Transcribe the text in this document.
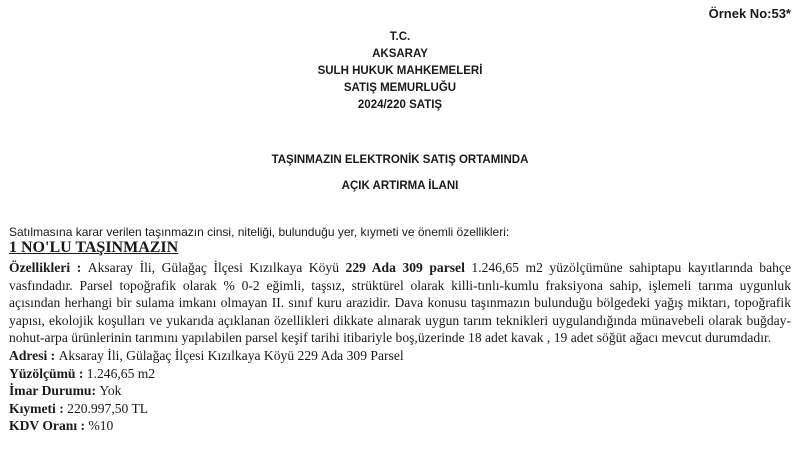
Örnek No:53*
T.C.
AKSARAY
SULH HUKUK MAHKEMELERİ
SATIŞ MEMURLUĞU
2024/220 SATIŞ
TAŞINMAZIN ELEKTRONİK SATIŞ ORTAMINDA
AÇIK ARTIRMA İLANI
Satılmasına karar verilen taşınmazın cinsi, niteliği, bulunduğu yer, kıymeti ve önemli özellikleri:
1 NO'LU TAŞINMAZIN

Özellikleri : Aksaray İli, Gülağaç İlçesi Kızılkaya Köyü 229 Ada 309 parsel 1.246,65 m2 yüzölçümüne sahiptapu kayıtlarında bahçe vasfındadır. Parsel topoğrafik olarak % 0-2 eğimli, taşsız, strüktürel olarak killi-tınlı-kumlu fraksiyona sahip, işlemeli tarıma uygunluk açısından herhangi bir sulama imkanı olmayan II. sınıf kuru arazidir. Dava konusu taşınmazın bulunduğu bölgedeki yağış miktarı, topoğrafik yapısı, ekolojik koşulları ve yukarıda açıklanan özellikleri dikkate alınarak uygun tarım teknikleri uygulandığında münavebeli olarak buğday-nohut-arpa ürünlerinin tarımını yapılabilen parsel keşif tarihi itibariyle boş,üzerinde 18 adet kavak , 19 adet söğüt ağacı mevcut durumdadır.

Adresi : Aksaray İli, Gülağaç İlçesi Kızılkaya Köyü 229 Ada 309 Parsel

Yüzölçümü : 1.246,65 m2

İmar Durumu: Yok

Kıymeti : 220.997,50 TL

KDV Oranı : %10
